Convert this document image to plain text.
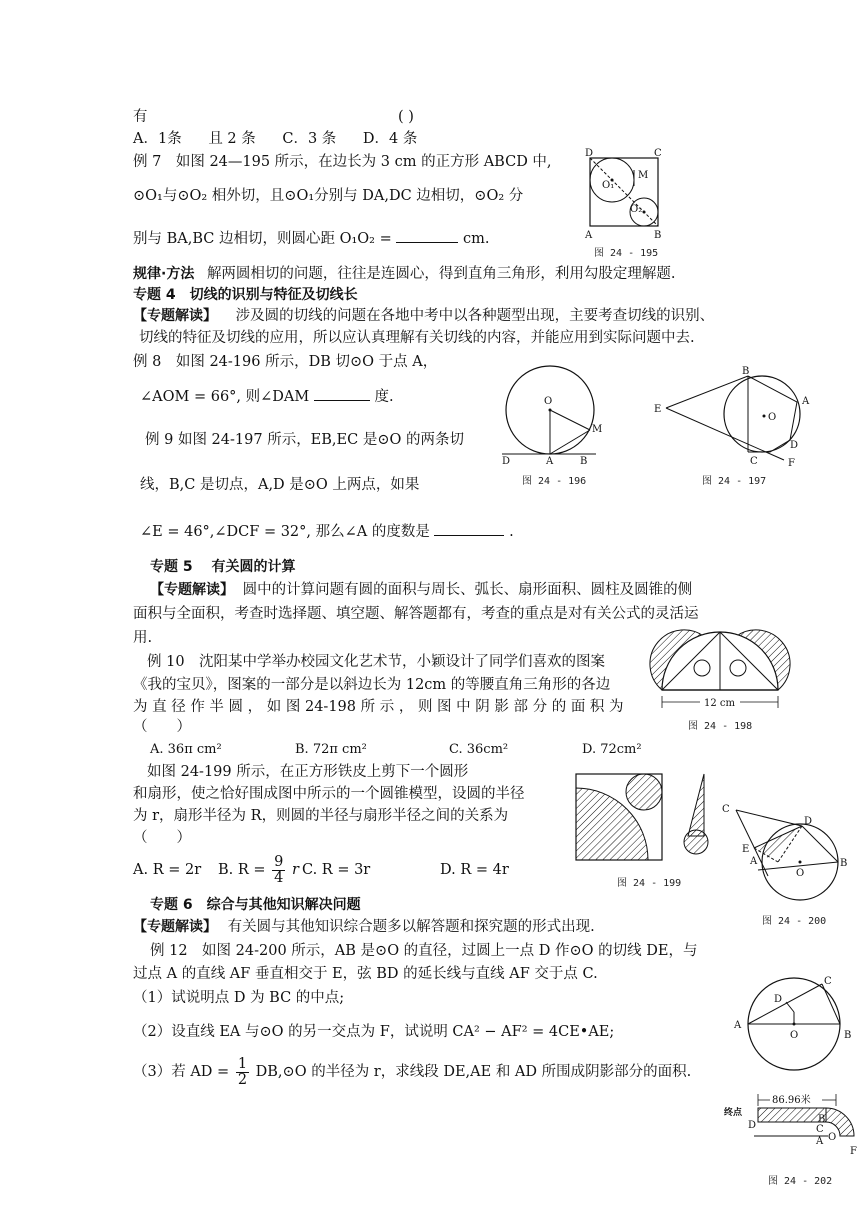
有	( )
A．1条 且 2 条 C．3 条 D．4 条
例 7　如图 24—195 所示，在边长为 3 cm 的正方形 ABCD 中,
⊙O₁与⊙O₂ 相外切，且⊙O₁分别与 DA,DC 边相切，⊙O₂ 分
别与 BA,BC 边相切，则圆心距 O₁O₂ =	cm.
D	C
A	B
M
O₁
O₂
图 24 - 195
规律·方法 解两圆相切的问题，往往是连圆心，得到直角三角形，利用勾股定理解题.
专题 4　切线的识别与特征及切线长
【专题解读】 涉及圆的切线的问题在各地中考中以各种题型出现，主要考查切线的识别、
切线的特征及切线的应用，所以应认真理解有关切线的内容，并能应用到实际问题中去.
例 8　如图 24-196 所示，DB 切⊙O 于点 A，
∠AOM = 66°, 则∠DAM	度.
例 9 如图 24-197 所示，EB,EC 是⊙O 的两条切
线，B,C 是切点，A,D 是⊙O 上两点，如果
∠E = 46°,∠DCF = 32°, 那么∠A 的度数是	.
O
M
D	A	B
图 24 - 196
B
E
O
A
C
D
F
图 24 - 197
专题 5　 有关圆的计算
【专题解读】 圆中的计算问题有圆的面积与周长、弧长、扇形面积、圆柱及圆锥的侧
面积与全面积，考查时选择题、填空题、解答题都有，考查的重点是对有关公式的灵活运
用.
例 10　沈阳某中学举办校园文化艺术节，小颖设计了同学们喜欢的图案
《我的宝贝》，图案的一部分是以斜边长为 12cm 的等腰直角三角形的各边
为 直 径 作 半 圆 ， 如 图 24-198 所 示 ， 则 图 中 阴 影 部 分 的 面 积 为
（　　）
A. 36π cm²	B. 72π cm²	C. 36cm²	D. 72cm²
12 cm
图 24 - 198
如图 24-199 所示，在正方形铁皮上剪下一个圆形
和扇形，使之恰好围成图中所示的一个圆锥模型，设圆的半径
为 r，扇形半径为 R，则圆的半径与扇形半径之间的关系为
（　　）
A. R = 2r B. $R = \frac{9}{4}$ r C. R = 3r	D. R = 4r
图 24 - 199
C
D
E
A
O
B
图 24 - 200
专题 6　综合与其他知识解决问题
【专题解读】 有关圆与其他知识综合题多以解答题和探究题的形式出现.
例 12　如图 24-200 所示，AB 是⊙O 的直径，过圆上一点 D 作⊙O 的切线 DE，与
过点 A 的直线 AF 垂直相交于 E，弦 BD 的延长线与直线 AF 交于点 C.
（1）试说明点 D 为 BC 的中点;
（2）设直线 EA 与⊙O 的另一交点为 F，试说明 CA² − AF² = 4CE•AE;
（3）若 AD = $\frac{1}{2}$ DB,⊙O 的半径为 r，求线段 DE,AE 和 AD 所围成阴影部分的面积.
C
D
A
O	B
86.96米
终点
B
C
D
A O
F
图 24 - 202
